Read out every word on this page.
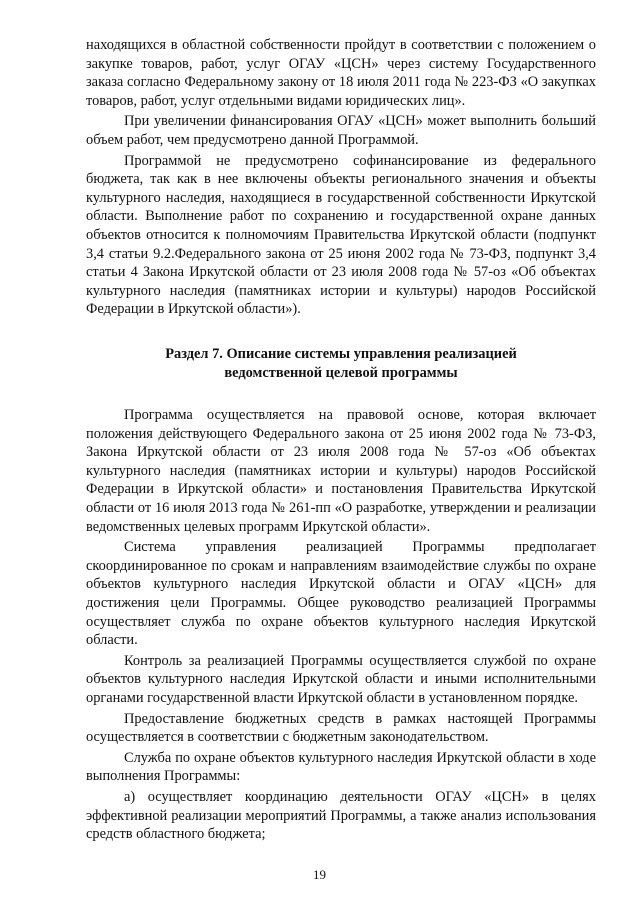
находящихся в областной собственности пройдут в соответствии с положением о закупке товаров, работ, услуг ОГАУ «ЦСН» через систему Государственного заказа согласно Федеральному закону от 18 июля 2011 года № 223-ФЗ «О закупках товаров, работ, услуг отдельными видами юридических лиц».

При увеличении финансирования ОГАУ «ЦСН» может выполнить больший объем работ, чем предусмотрено данной Программой.

Программой не предусмотрено софинансирование из федерального бюджета, так как в нее включены объекты регионального значения и объекты культурного наследия, находящиеся в государственной собственности Иркутской области. Выполнение работ по сохранению и государственной охране данных объектов относится к полномочиям Правительства Иркутской области (подпункт 3,4 статьи 9.2.Федерального закона от 25 июня 2002 года № 73-ФЗ, подпункт 3,4 статьи 4 Закона Иркутской области от 23 июля 2008 года № 57-оз «Об объектах культурного наследия (памятниках истории и культуры) народов Российской Федерации в Иркутской области»).

Раздел 7. Описание системы управления реализацией
ведомственной целевой программы

Программа осуществляется на правовой основе, которая включает положения действующего Федерального закона от 25 июня 2002 года № 73-ФЗ, Закона Иркутской области от 23 июля 2008 года № 57-оз «Об объектах культурного наследия (памятниках истории и культуры) народов Российской Федерации в Иркутской области» и постановления Правительства Иркутской области от 16 июля 2013 года № 261-пп «О разработке, утверждении и реализации ведомственных целевых программ Иркутской области».

Система управления реализацией Программы предполагает скоординированное по срокам и направлениям взаимодействие службы по охране объектов культурного наследия Иркутской области и ОГАУ «ЦСН» для достижения цели Программы. Общее руководство реализацией Программы осуществляет служба по охране объектов культурного наследия Иркутской области.

Контроль за реализацией Программы осуществляется службой по охране объектов культурного наследия Иркутской области и иными исполнительными органами государственной власти Иркутской области в установленном порядке.

Предоставление бюджетных средств в рамках настоящей Программы осуществляется в соответствии с бюджетным законодательством.

Служба по охране объектов культурного наследия Иркутской области в ходе выполнения Программы:

а) осуществляет координацию деятельности ОГАУ «ЦСН» в целях эффективной реализации мероприятий Программы, а также анализ использования средств областного бюджета;

19
